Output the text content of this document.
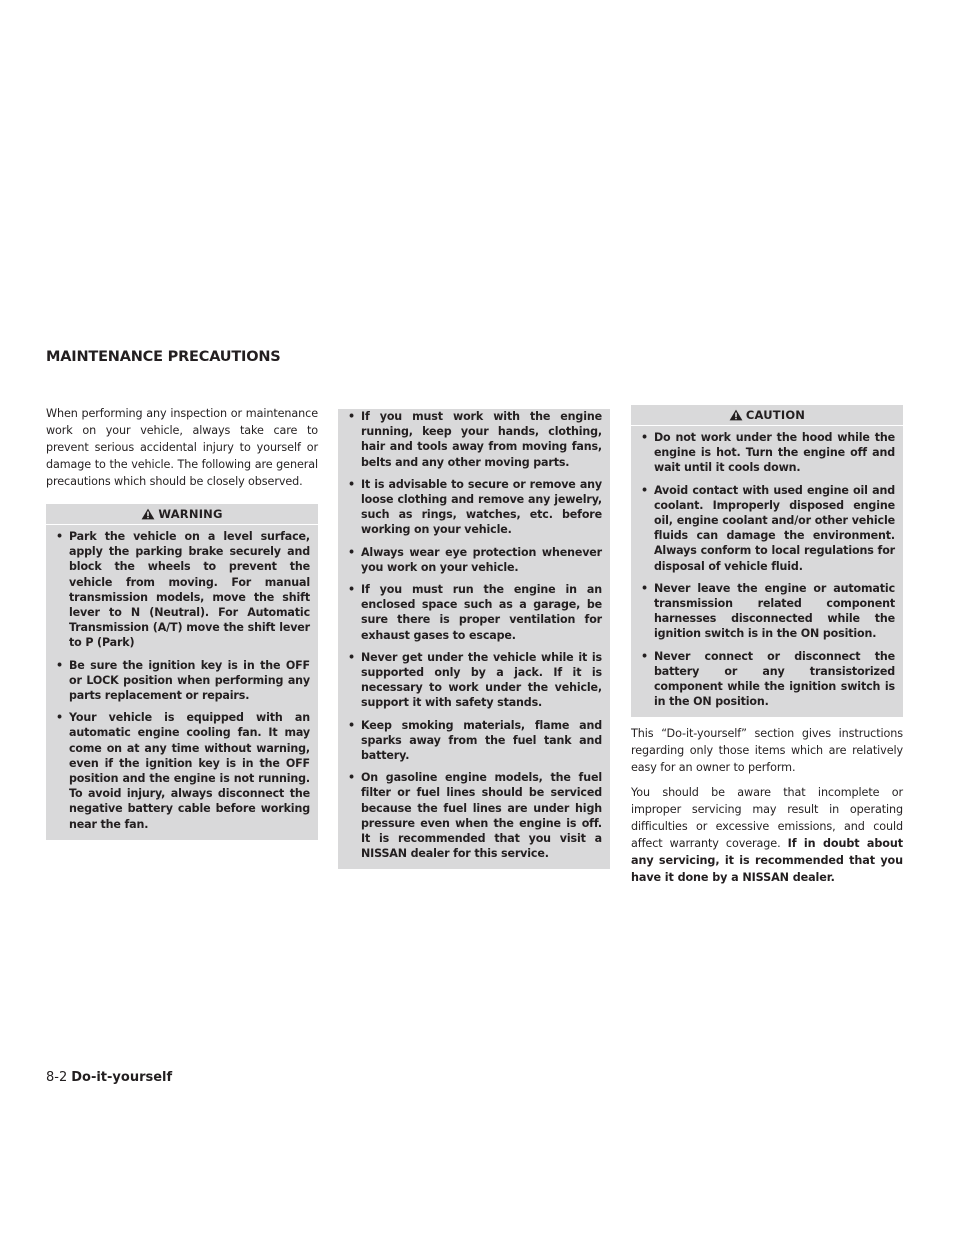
MAINTENANCE PRECAUTIONS

When performing any inspection or maintenance work on your vehicle, always take care to prevent serious accidental injury to yourself or damage to the vehicle. The following are general precautions which should be closely observed.

WARNING
• Park the vehicle on a level surface, apply the parking brake securely and block the wheels to prevent the vehicle from moving. For manual transmission models, move the shift lever to N (Neutral). For Automatic Transmission (A/T) move the shift lever to P (Park)
• Be sure the ignition key is in the OFF or LOCK position when performing any parts replacement or repairs.
• Your vehicle is equipped with an automatic engine cooling fan. It may come on at any time without warning, even if the ignition key is in the OFF position and the engine is not running. To avoid injury, always disconnect the negative battery cable before working near the fan.
• If you must work with the engine running, keep your hands, clothing, hair and tools away from moving fans, belts and any other moving parts.
• It is advisable to secure or remove any loose clothing and remove any jewelry, such as rings, watches, etc. before working on your vehicle.
• Always wear eye protection whenever you work on your vehicle.
• If you must run the engine in an enclosed space such as a garage, be sure there is proper ventilation for exhaust gases to escape.
• Never get under the vehicle while it is supported only by a jack. If it is necessary to work under the vehicle, support it with safety stands.
• Keep smoking materials, flame and sparks away from the fuel tank and battery.
• On gasoline engine models, the fuel filter or fuel lines should be serviced because the fuel lines are under high pressure even when the engine is off. It is recommended that you visit a NISSAN dealer for this service.
CAUTION
• Do not work under the hood while the engine is hot. Turn the engine off and wait until it cools down.
• Avoid contact with used engine oil and coolant. Improperly disposed engine oil, engine coolant and/or other vehicle fluids can damage the environment. Always conform to local regulations for disposal of vehicle fluid.
• Never leave the engine or automatic transmission related component harnesses disconnected while the ignition switch is in the ON position.
• Never connect or disconnect the battery or any transistorized component while the ignition switch is in the ON position.

This “Do-it-yourself” section gives instructions regarding only those items which are relatively easy for an owner to perform.

You should be aware that incomplete or improper servicing may result in operating difficulties or excessive emissions, and could affect warranty coverage. If in doubt about any servicing, it is recommended that you have it done by a NISSAN dealer.

8-2 Do-it-yourself
